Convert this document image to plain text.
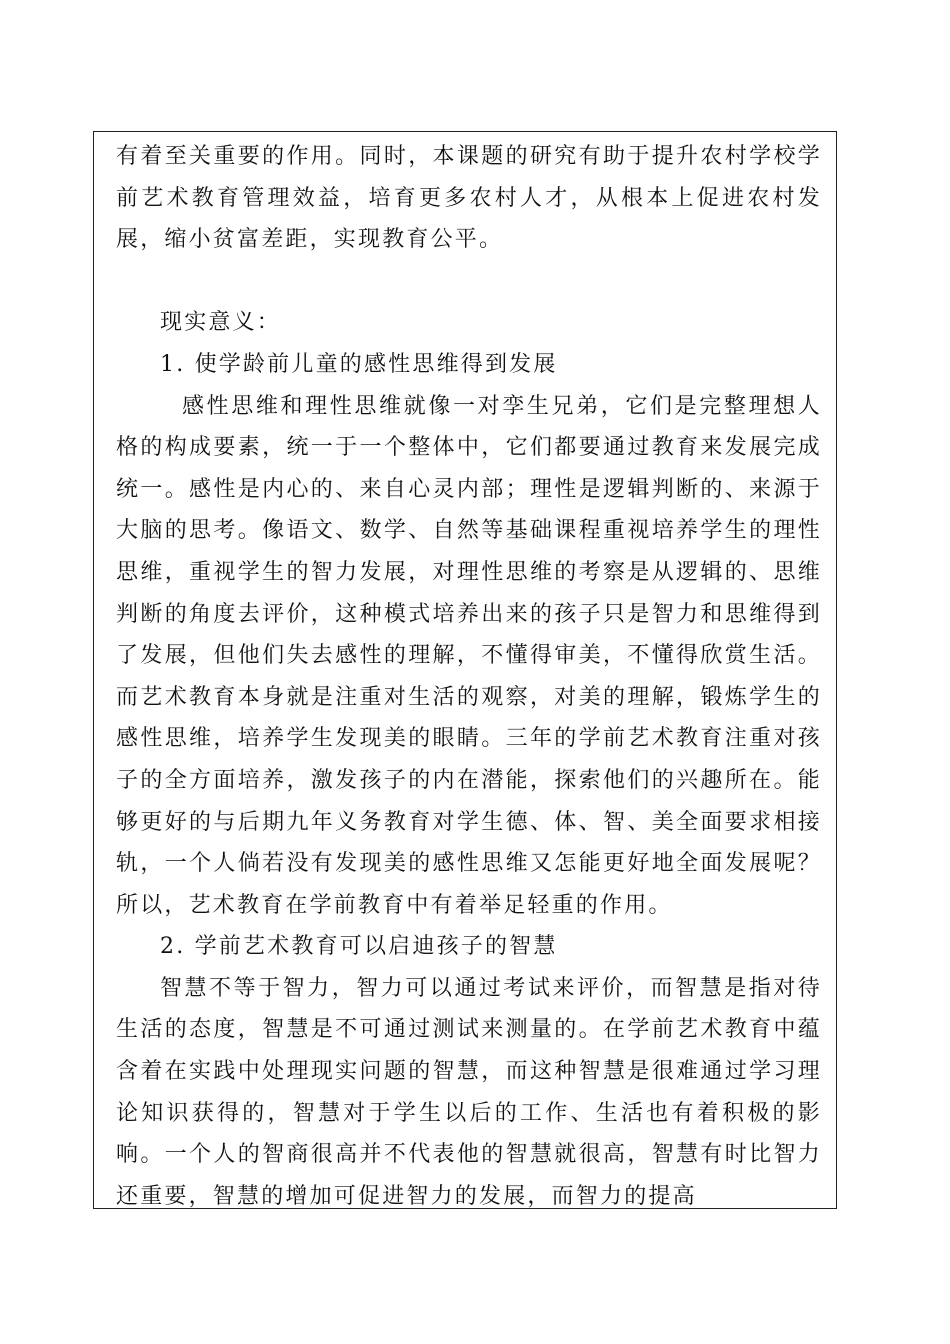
有着至关重要的作用。同时，本课题的研究有助于提升农村学校学前艺术教育管理效益，培育更多农村人才，从根本上促进农村发展，缩小贫富差距，实现教育公平。

现实意义：

1. 使学龄前儿童的感性思维得到发展

感性思维和理性思维就像一对孪生兄弟，它们是完整理想人格的构成要素，统一于一个整体中，它们都要通过教育来发展完成统一。感性是内心的、来自心灵内部；理性是逻辑判断的、来源于大脑的思考。像语文、数学、自然等基础课程重视培养学生的理性思维，重视学生的智力发展，对理性思维的考察是从逻辑的、思维判断的角度去评价，这种模式培养出来的孩子只是智力和思维得到了发展，但他们失去感性的理解，不懂得审美，不懂得欣赏生活。而艺术教育本身就是注重对生活的观察，对美的理解，锻炼学生的感性思维，培养学生发现美的眼睛。三年的学前艺术教育注重对孩子的全方面培养，激发孩子的内在潜能，探索他们的兴趣所在。能够更好的与后期九年义务教育对学生德、体、智、美全面要求相接轨，一个人倘若没有发现美的感性思维又怎能更好地全面发展呢？所以，艺术教育在学前教育中有着举足轻重的作用。

2. 学前艺术教育可以启迪孩子的智慧

智慧不等于智力，智力可以通过考试来评价，而智慧是指对待生活的态度，智慧是不可通过测试来测量的。在学前艺术教育中蕴含着在实践中处理现实问题的智慧，而这种智慧是很难通过学习理论知识获得的，智慧对于学生以后的工作、生活也有着积极的影响。一个人的智商很高并不代表他的智慧就很高，智慧有时比智力还重要，智慧的增加可促进智力的发展，而智力的提高
